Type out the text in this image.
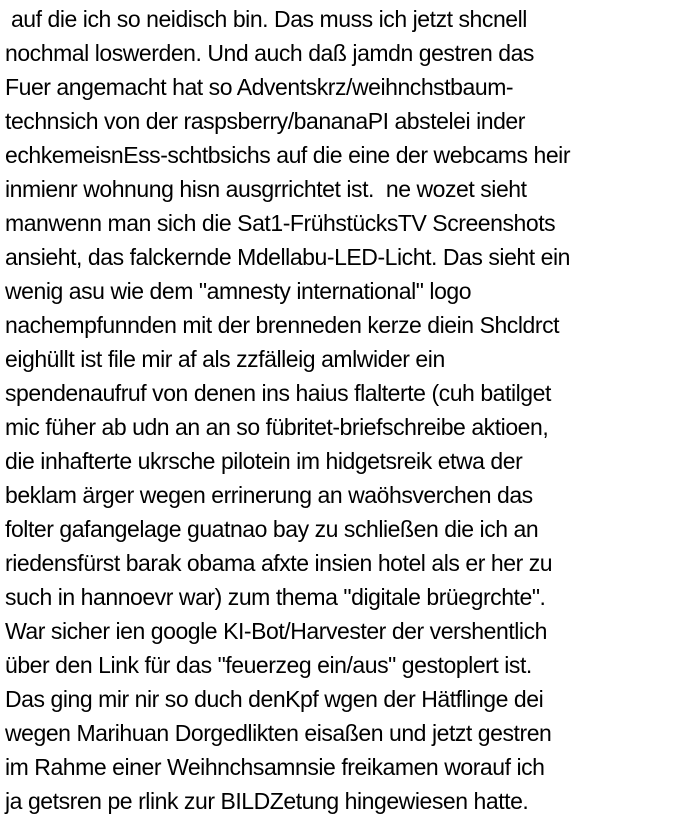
auf die ich so neidisch bin. Das muss ich jetzt shcnell
nochmal loswerden. Und auch daß jamdn gestren das
Fuer angemacht hat so Adventskrz/weihnchstbaum-
technsich von der raspsberry/bananaPI abstelei inder
echkemeisnEss-schtbsichs auf die eine der webcams heir
inmienr wohnung hisn ausgrrichtet ist.  ne wozet sieht
manwenn man sich die Sat1-FrühstücksTV Screenshots
ansieht, das falckernde Mdellabu-LED-Licht. Das sieht ein
wenig asu wie dem "amnesty international" logo
nachempfunnden mit der brenneden kerze diein Shcldrct
eighüllt ist file mir af als zzfälleig amlwider ein
spendenaufruf von denen ins haius flalterte (cuh batilget
mic füher ab udn an an so fübritet-briefschreibe aktioen,
die inhafterte ukrsche pilotein im hidgetsreik etwa der
beklam ärger wegen errinerung an waöhsverchen das
folter gafangelage guatnao bay zu schließen die ich an
riedensfürst barak obama afxte insien hotel als er her zu
such in hannoevr war) zum thema "digitale brüegrchte".
War sicher ien google KI-Bot/Harvester der vershentlich
über den Link für das "feuerzeg ein/aus" gestoplert ist.
Das ging mir nir so duch denKpf wgen der Hätflinge dei
wegen Marihuan Dorgedlikten eisaßen und jetzt gestren
im Rahme einer Weihnchsamnsie freikamen worauf ich
ja getsren pe rlink zur BILDZetung hingewiesen hatte.
